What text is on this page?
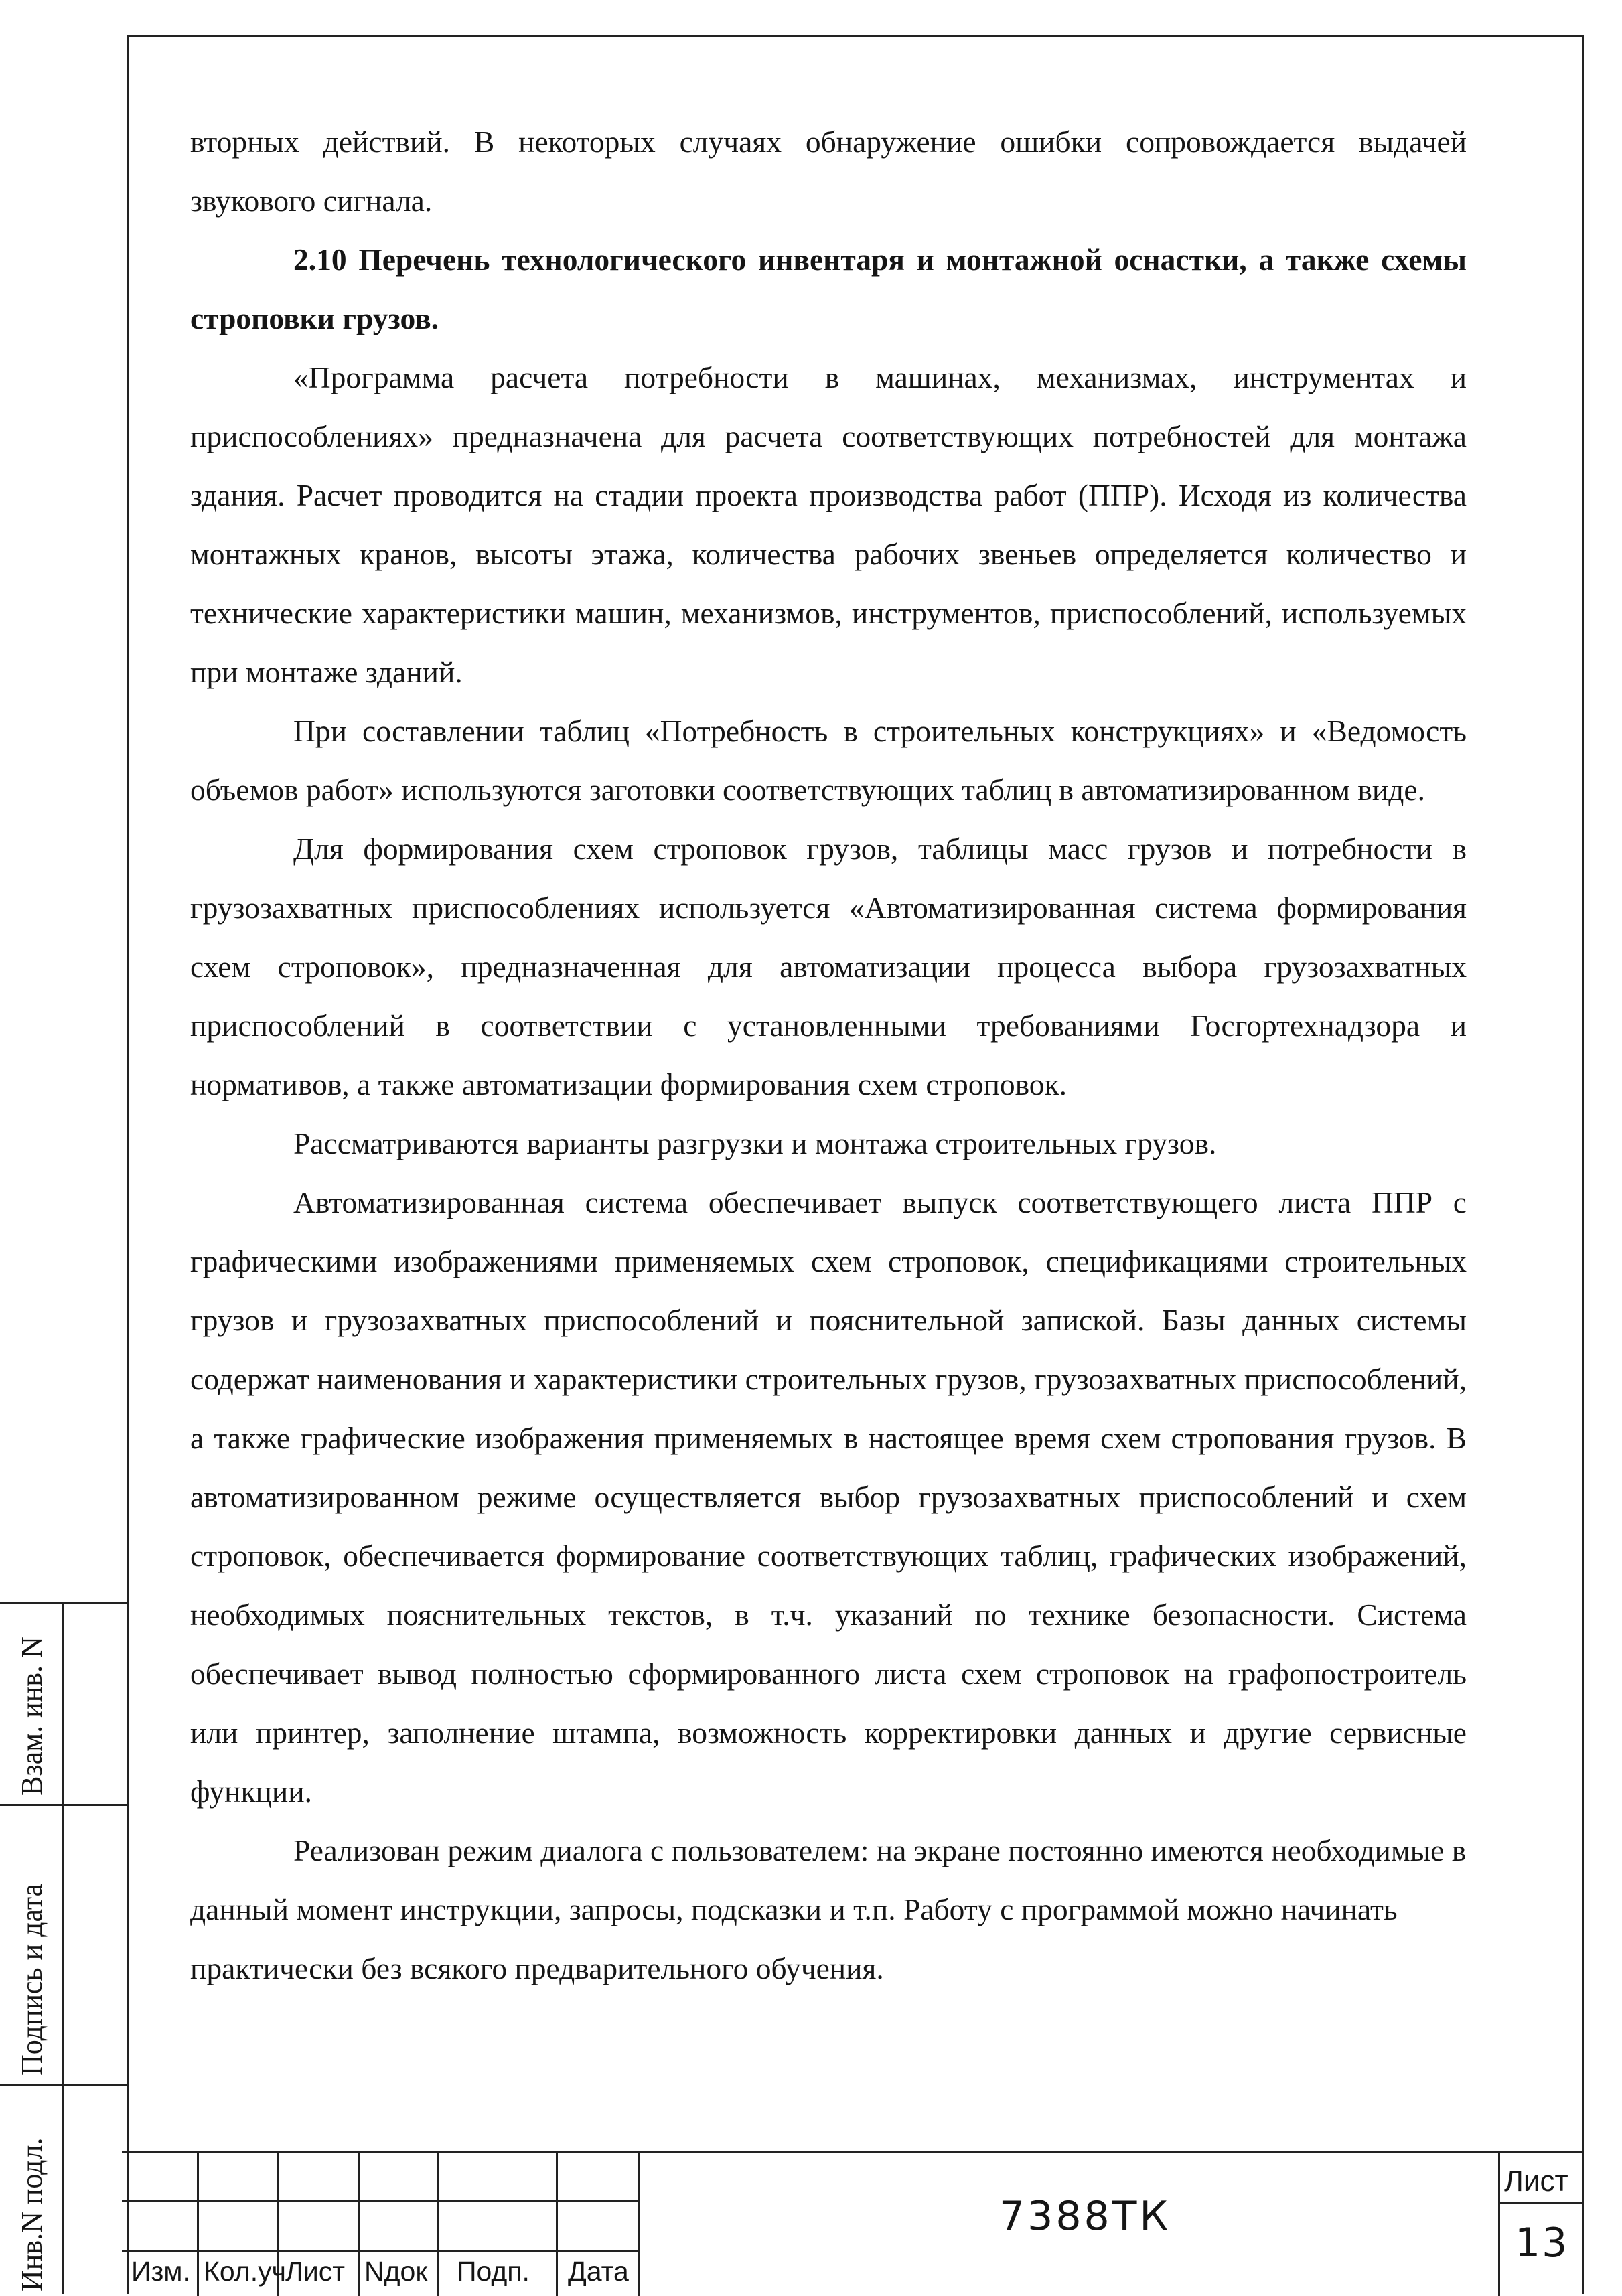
вторных действий. В некоторых случаях обнаружение ошибки сопровождается выдачей звукового сигнала.

2.10 Перечень технологического инвентаря и монтажной оснастки, а также схемы строповки грузов.

«Программа расчета потребности в машинах, механизмах, инструментах и приспособлениях» предназначена для расчета соответствующих потребностей для монтажа здания. Расчет проводится на стадии проекта производства работ (ППР). Исходя из количества монтажных кранов, высоты этажа, количества рабочих звеньев определяется количество и технические характеристики машин, механизмов, инструментов, приспособлений, используемых при монтаже зданий.

При составлении таблиц «Потребность в строительных конструкциях» и «Ведомость объемов работ» используются заготовки соответствующих таблиц в автоматизированном виде.

Для формирования схем строповок грузов, таблицы масс грузов и потребности в грузозахватных приспособлениях используется «Автоматизированная система формирования схем строповок», предназначенная для автоматизации процесса выбора грузозахватных приспособлений в соответствии с установленными требованиями Госгортехнадзора и нормативов, а также автоматизации формирования схем строповок.

Рассматриваются варианты разгрузки и монтажа строительных грузов.

Автоматизированная система обеспечивает выпуск соответствующего листа ППР с графическими изображениями применяемых схем строповок, спецификациями строительных грузов и грузозахватных приспособлений и пояснительной запиской. Базы данных системы содержат наименования и характеристики строительных грузов, грузозахватных приспособлений, а также графические изображения применяемых в настоящее время схем стропования грузов. В автоматизированном режиме осуществляется выбор грузозахватных приспособлений и схем строповок, обеспечивается формирование соответствующих таблиц, графических изображений, необходимых пояснительных текстов, в т.ч. указаний по технике безопасности. Система обеспечивает вывод полностью сформированного листа схем строповок на графопостроитель или принтер, заполнение штампа, возможность корректировки данных и другие сервисные функции.

Реализован режим диалога с пользователем: на экране постоянно имеются необходимые в данный момент инструкции, запросы, подсказки и т.п. Работу с программой можно начинать практически без всякого предварительного обучения.

Взам. инв. N
Подпись и дата
Инв.N подл.	Изм. Кол.уч Лист Nдок Подп. Дата
7388ТК
Лист
13
